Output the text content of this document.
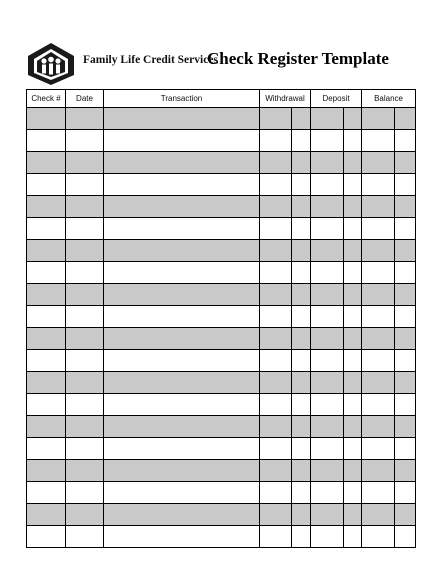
Family Life Credit Services
Check Register Template
Check #	Date	Transaction	Withdrawal		Deposit		Balance	
